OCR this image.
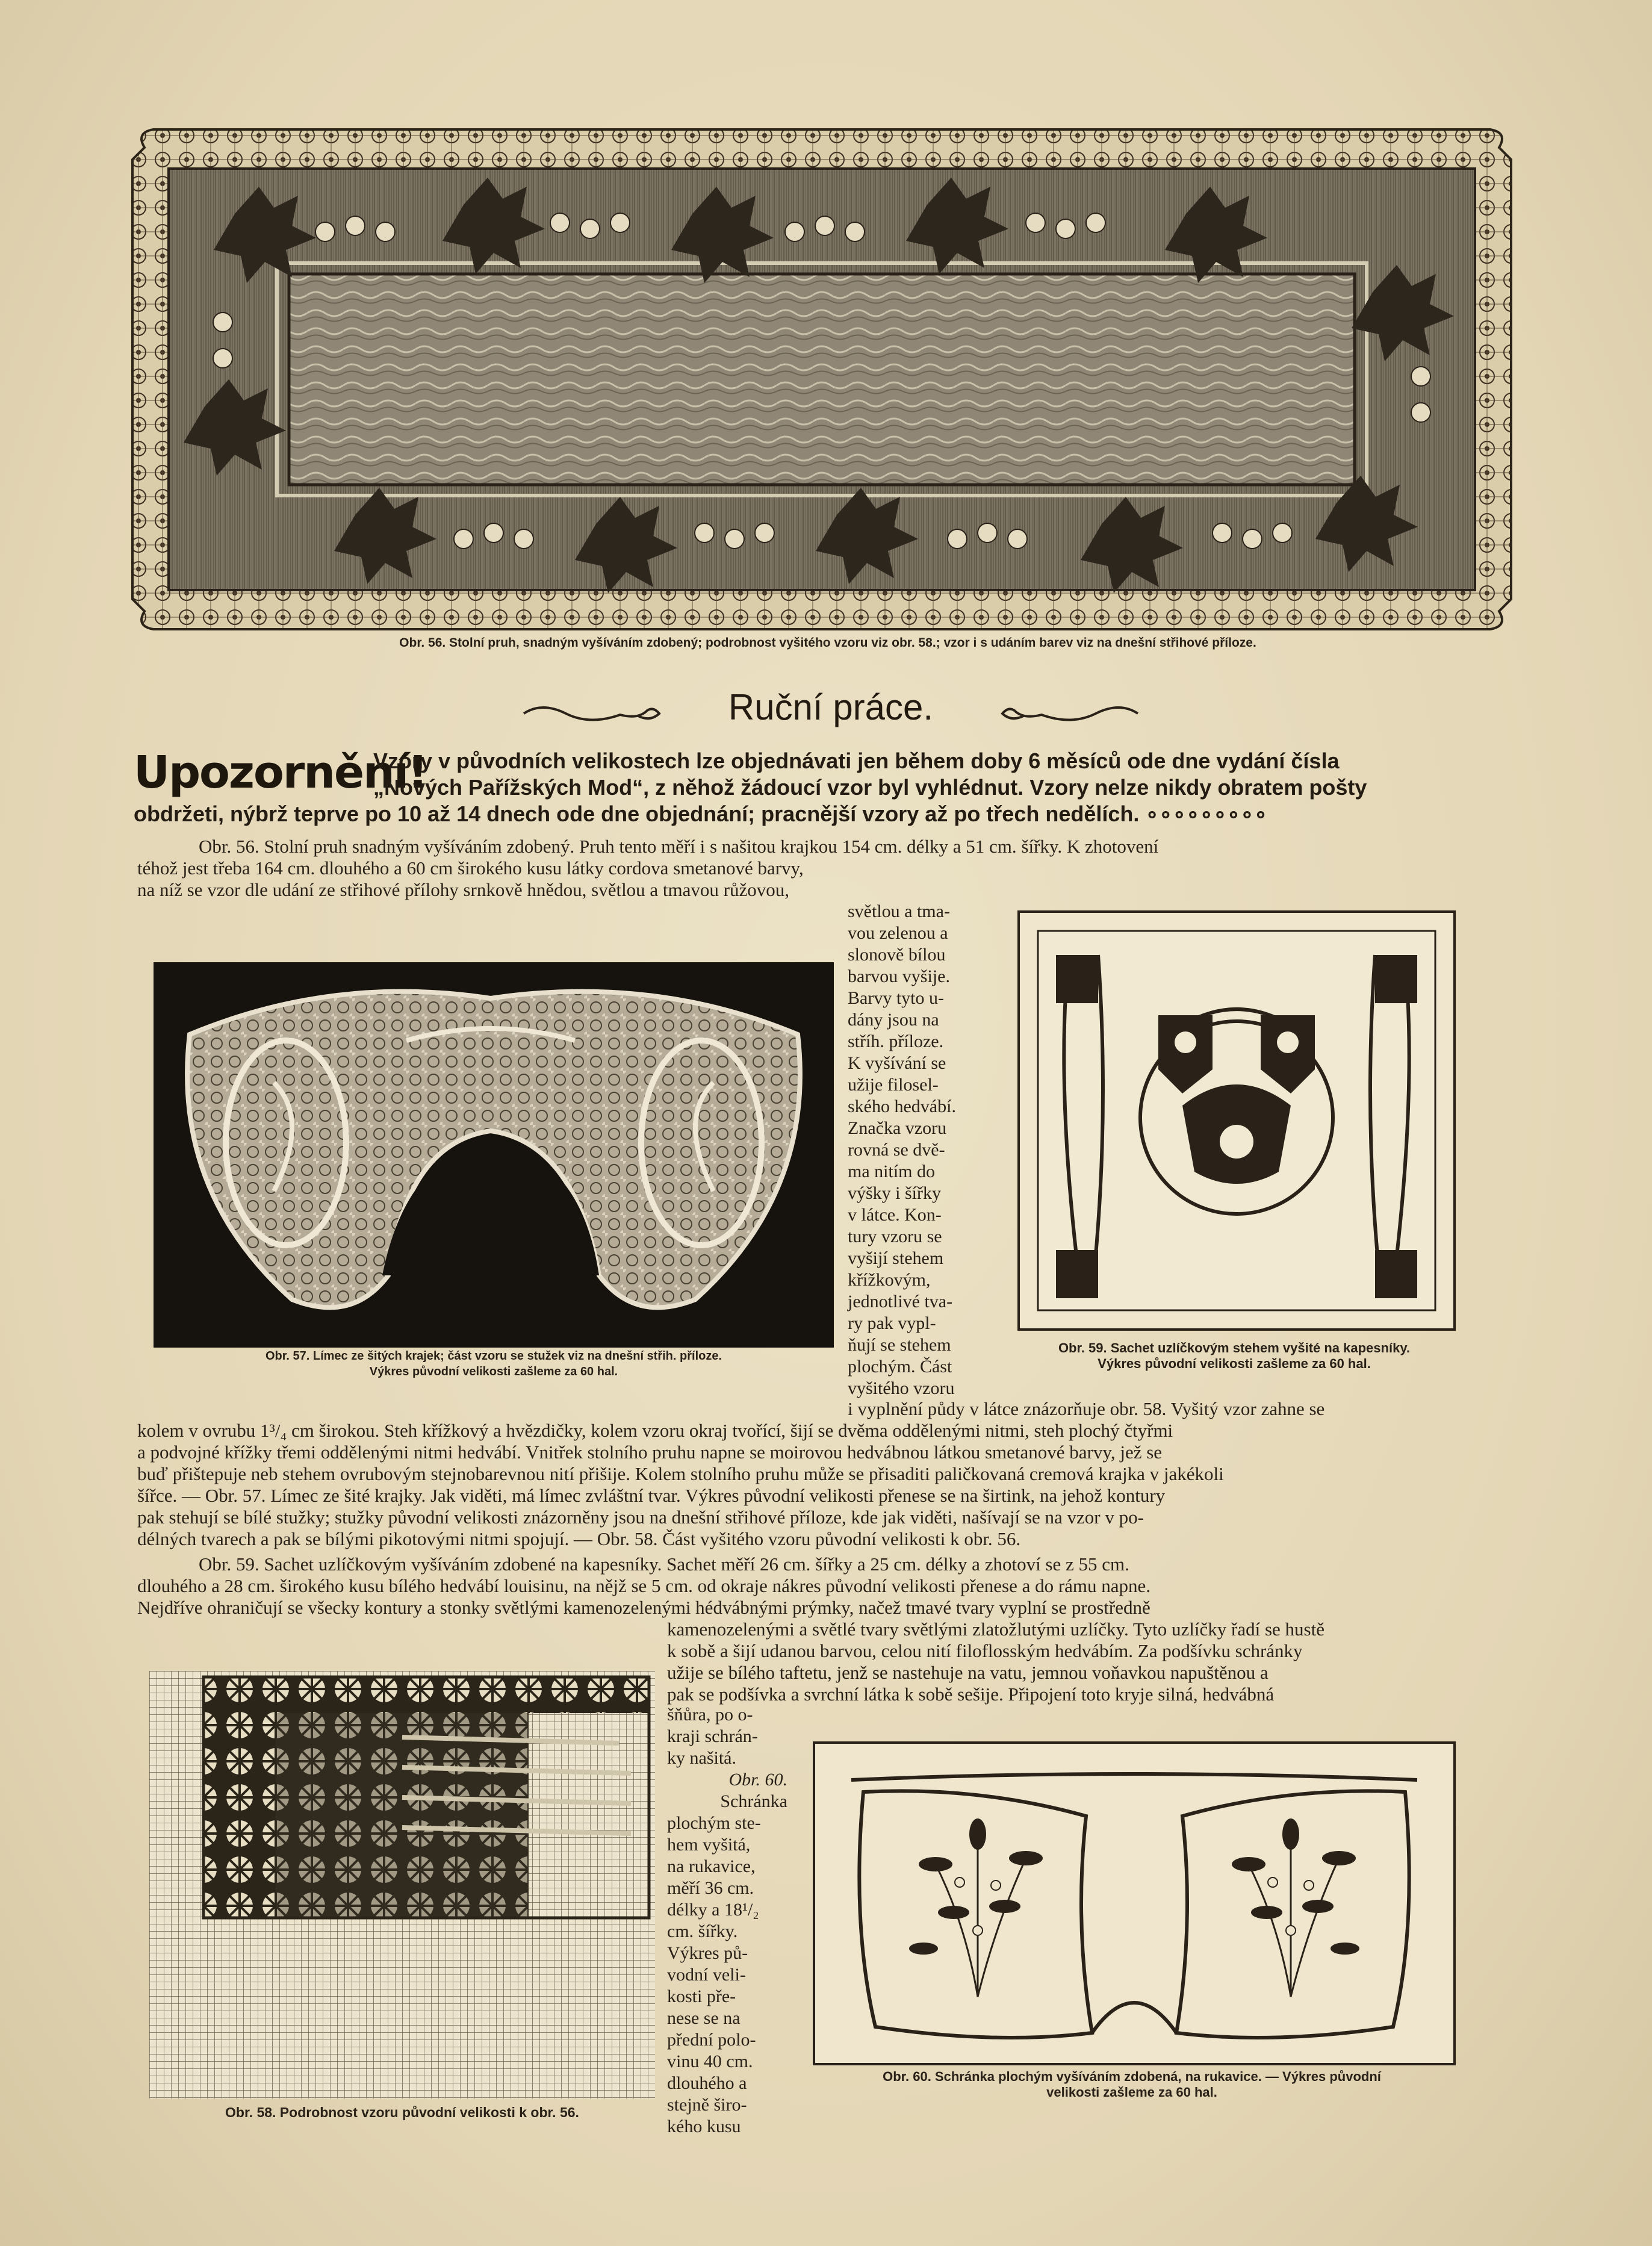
Obr. 56. Stolní pruh, snadným vyšíváním zdobený; podrobnost vyšitého vzoru viz obr. 58.; vzor i s udáním barev viz na dnešní střihové příloze.
Ruční práce.
Upozornění!
Vzory v původních velikostech lze objednávati jen během doby 6 měsíců ode dne vydání čísla
„Nových Pařížských Mod“, z něhož žádoucí vzor byl vyhlédnut. Vzory nelze nikdy obratem pošty
obdržeti, nýbrž teprve po 10 až 14 dnech ode dne objednání; pracnější vzory až po třech nedělích. ∘∘∘∘∘∘∘∘∘
Obr. 56. Stolní pruh snadným vyšíváním zdobený. Pruh tento měří i s našitou krajkou 154 cm. délky a 51 cm. šířky. K zhotovení
téhož jest třeba 164 cm. dlouhého a 60 cm širokého kusu látky cordova smetanové barvy,
na níž se vzor dle udání ze střihové přílohy srnkově hnědou, světlou a tmavou růžovou,
Obr. 57. Límec ze šitých krajek; část vzoru se stužek viz na dnešní střih. příloze.
Výkres původní velikosti zašleme za 60 hal.
světlou a tma-
vou zelenou a
slonově bílou
barvou vyšije.
Barvy tyto u-
dány jsou na
stříh. příloze.
K vyšívání se
užije filosel-
ského hedvábí.
Značka vzoru
rovná se dvě-
ma nitím do
výšky i šířky
v látce. Kon-
tury vzoru se
vyšijí stehem
křížkovým,
jednotlivé tva-
ry pak vypl-
ňují se stehem
plochým. Část
vyšitého vzoru
Obr. 59. Sachet uzlíčkovým stehem vyšité na kapesníky.
Výkres původní velikosti zašleme za 60 hal.
i vyplnění půdy v látce znázorňuje obr. 58. Vyšitý vzor zahne se
kolem v ovrubu 1³/₄ cm širokou. Steh křížkový a hvězdičky, kolem vzoru okraj tvořící, šijí se dvěma oddělenými nitmi, steh plochý čtyřmi
a podvojné křížky třemi oddělenými nitmi hedvábí. Vnitřek stolního pruhu napne se moirovou hedvábnou látkou smetanové barvy, jež se
buď přištepuje neb stehem ovrubovým stejnobarevnou nití přišije. Kolem stolního pruhu může se přisaditi paličkovaná cremová krajka v jakékoli
šířce. — Obr. 57. Límec ze šité krajky. Jak viděti, má límec zvláštní tvar. Výkres původní velikosti přenese se na širtink, na jehož kontury
pak stehují se bílé stužky; stužky původní velikosti znázorněny jsou na dnešní střihové příloze, kde jak viděti, našívají se na vzor v po-
délných tvarech a pak se bílými pikotovými nitmi spojují. — Obr. 58. Část vyšitého vzoru původní velikosti k obr. 56.
Obr. 59. Sachet uzlíčkovým vyšíváním zdobené na kapesníky. Sachet měří 26 cm. šířky a 25 cm. délky a zhotoví se z 55 cm.
dlouhého a 28 cm. širokého kusu bílého hedvábí louisinu, na nějž se 5 cm. od okraje nákres původní velikosti přenese a do rámu napne.
Nejdříve ohraničují se všecky kontury a stonky světlými kamenozelenými hédvábnými prýmky, načež tmavé tvary vyplní se prostředně
kamenozelenými a světlé tvary světlými zlatožlutými uzlíčky. Tyto uzlíčky řadí se hustě
k sobě a šijí udanou barvou, celou nití filoflosským hedvábím. Za podšívku schránky
užije se bílého taftetu, jenž se nastehuje na vatu, jemnou voňavkou napuštěnou a
pak se podšívka a svrchní látka k sobě sešije. Připojení toto kryje silná, hedvábná
Obr. 58. Podrobnost vzoru původní velikosti k obr. 56.
šňůra, po o-
kraji schrán-
ky našitá.
Obr. 60.
Schránka
plochým ste-
hem vyšitá,
na rukavice,
měří 36 cm.
délky a 18¹/₂
cm. šířky.
Výkres pů-
vodní veli-
kosti pře-
nese se na
přední polo-
vinu 40 cm.
dlouhého a
stejně širo-
kého kusu
Obr. 60. Schránka plochým vyšíváním zdobená, na rukavice. — Výkres původní
velikosti zašleme za 60 hal.
